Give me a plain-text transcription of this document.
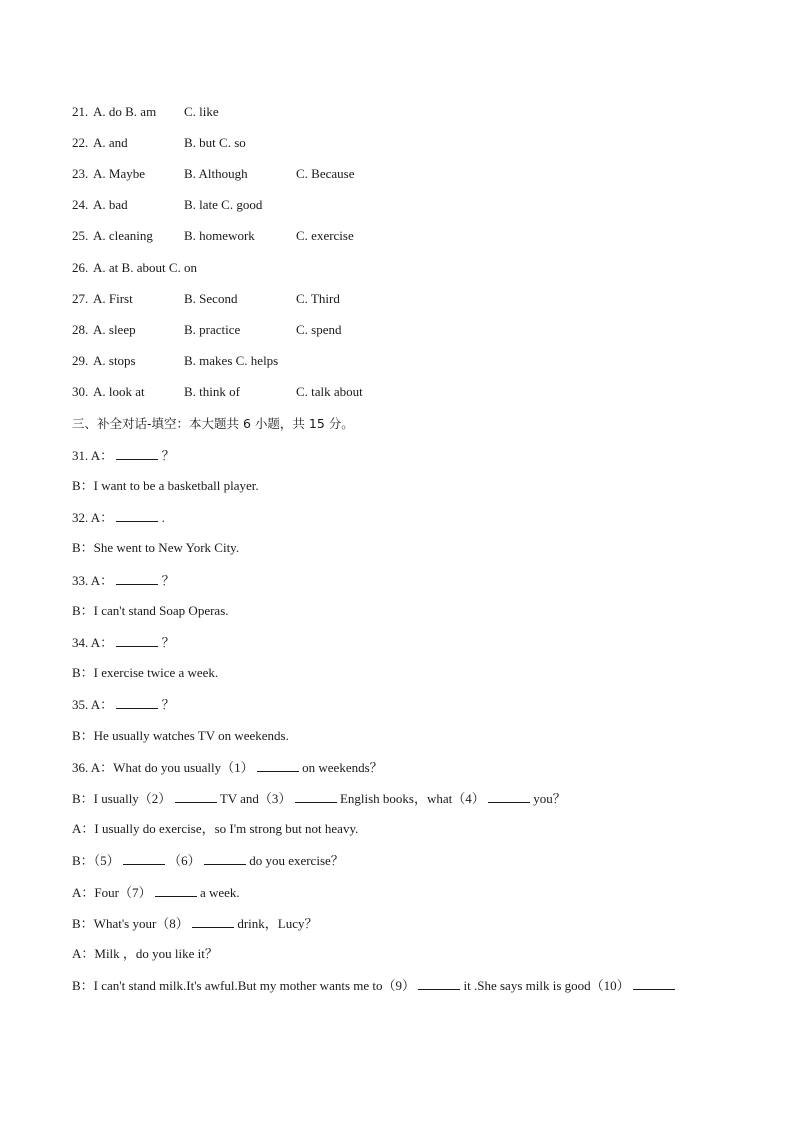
21. A. do B. am C. like
22. A. and	B. but C. so
23. A. Maybe	B. Although	C. Because
24. A. bad	B. late C. good
25. A. cleaning B. homework	C. exercise
26. A. at B. about C. on
27. A. First	B. Second	C. Third
28. A. sleep	B. practice	C. spend
29. A. stops	B. makes C. helps
30. A. look at	B. think of	C. talk about
三、补全对话-填空：本大题共 6 小题，共 15 分。
31. A：	？
B：I want to be a basketball player.
32. A：	.
B：She went to New York City.
33. A：	？
B：I can't stand Soap Operas.
34. A：	？
B：I exercise twice a week.
35. A：	？
B：He usually watches TV on weekends.
36. A：What do you usually（1）	on weekends？
B：I usually（2）	TV and（3）	English books，what（4）	you？
A：I usually do exercise，so I'm strong but not heavy.
B：（5）	（6）	do you exercise？
A：Four（7）	a week.
B：What's your（8）	drink，Lucy？
A：Milk ，do you like it？
B：I can't stand milk.It's awful.But my mother wants me to（9）	it .She says milk is good（10）
